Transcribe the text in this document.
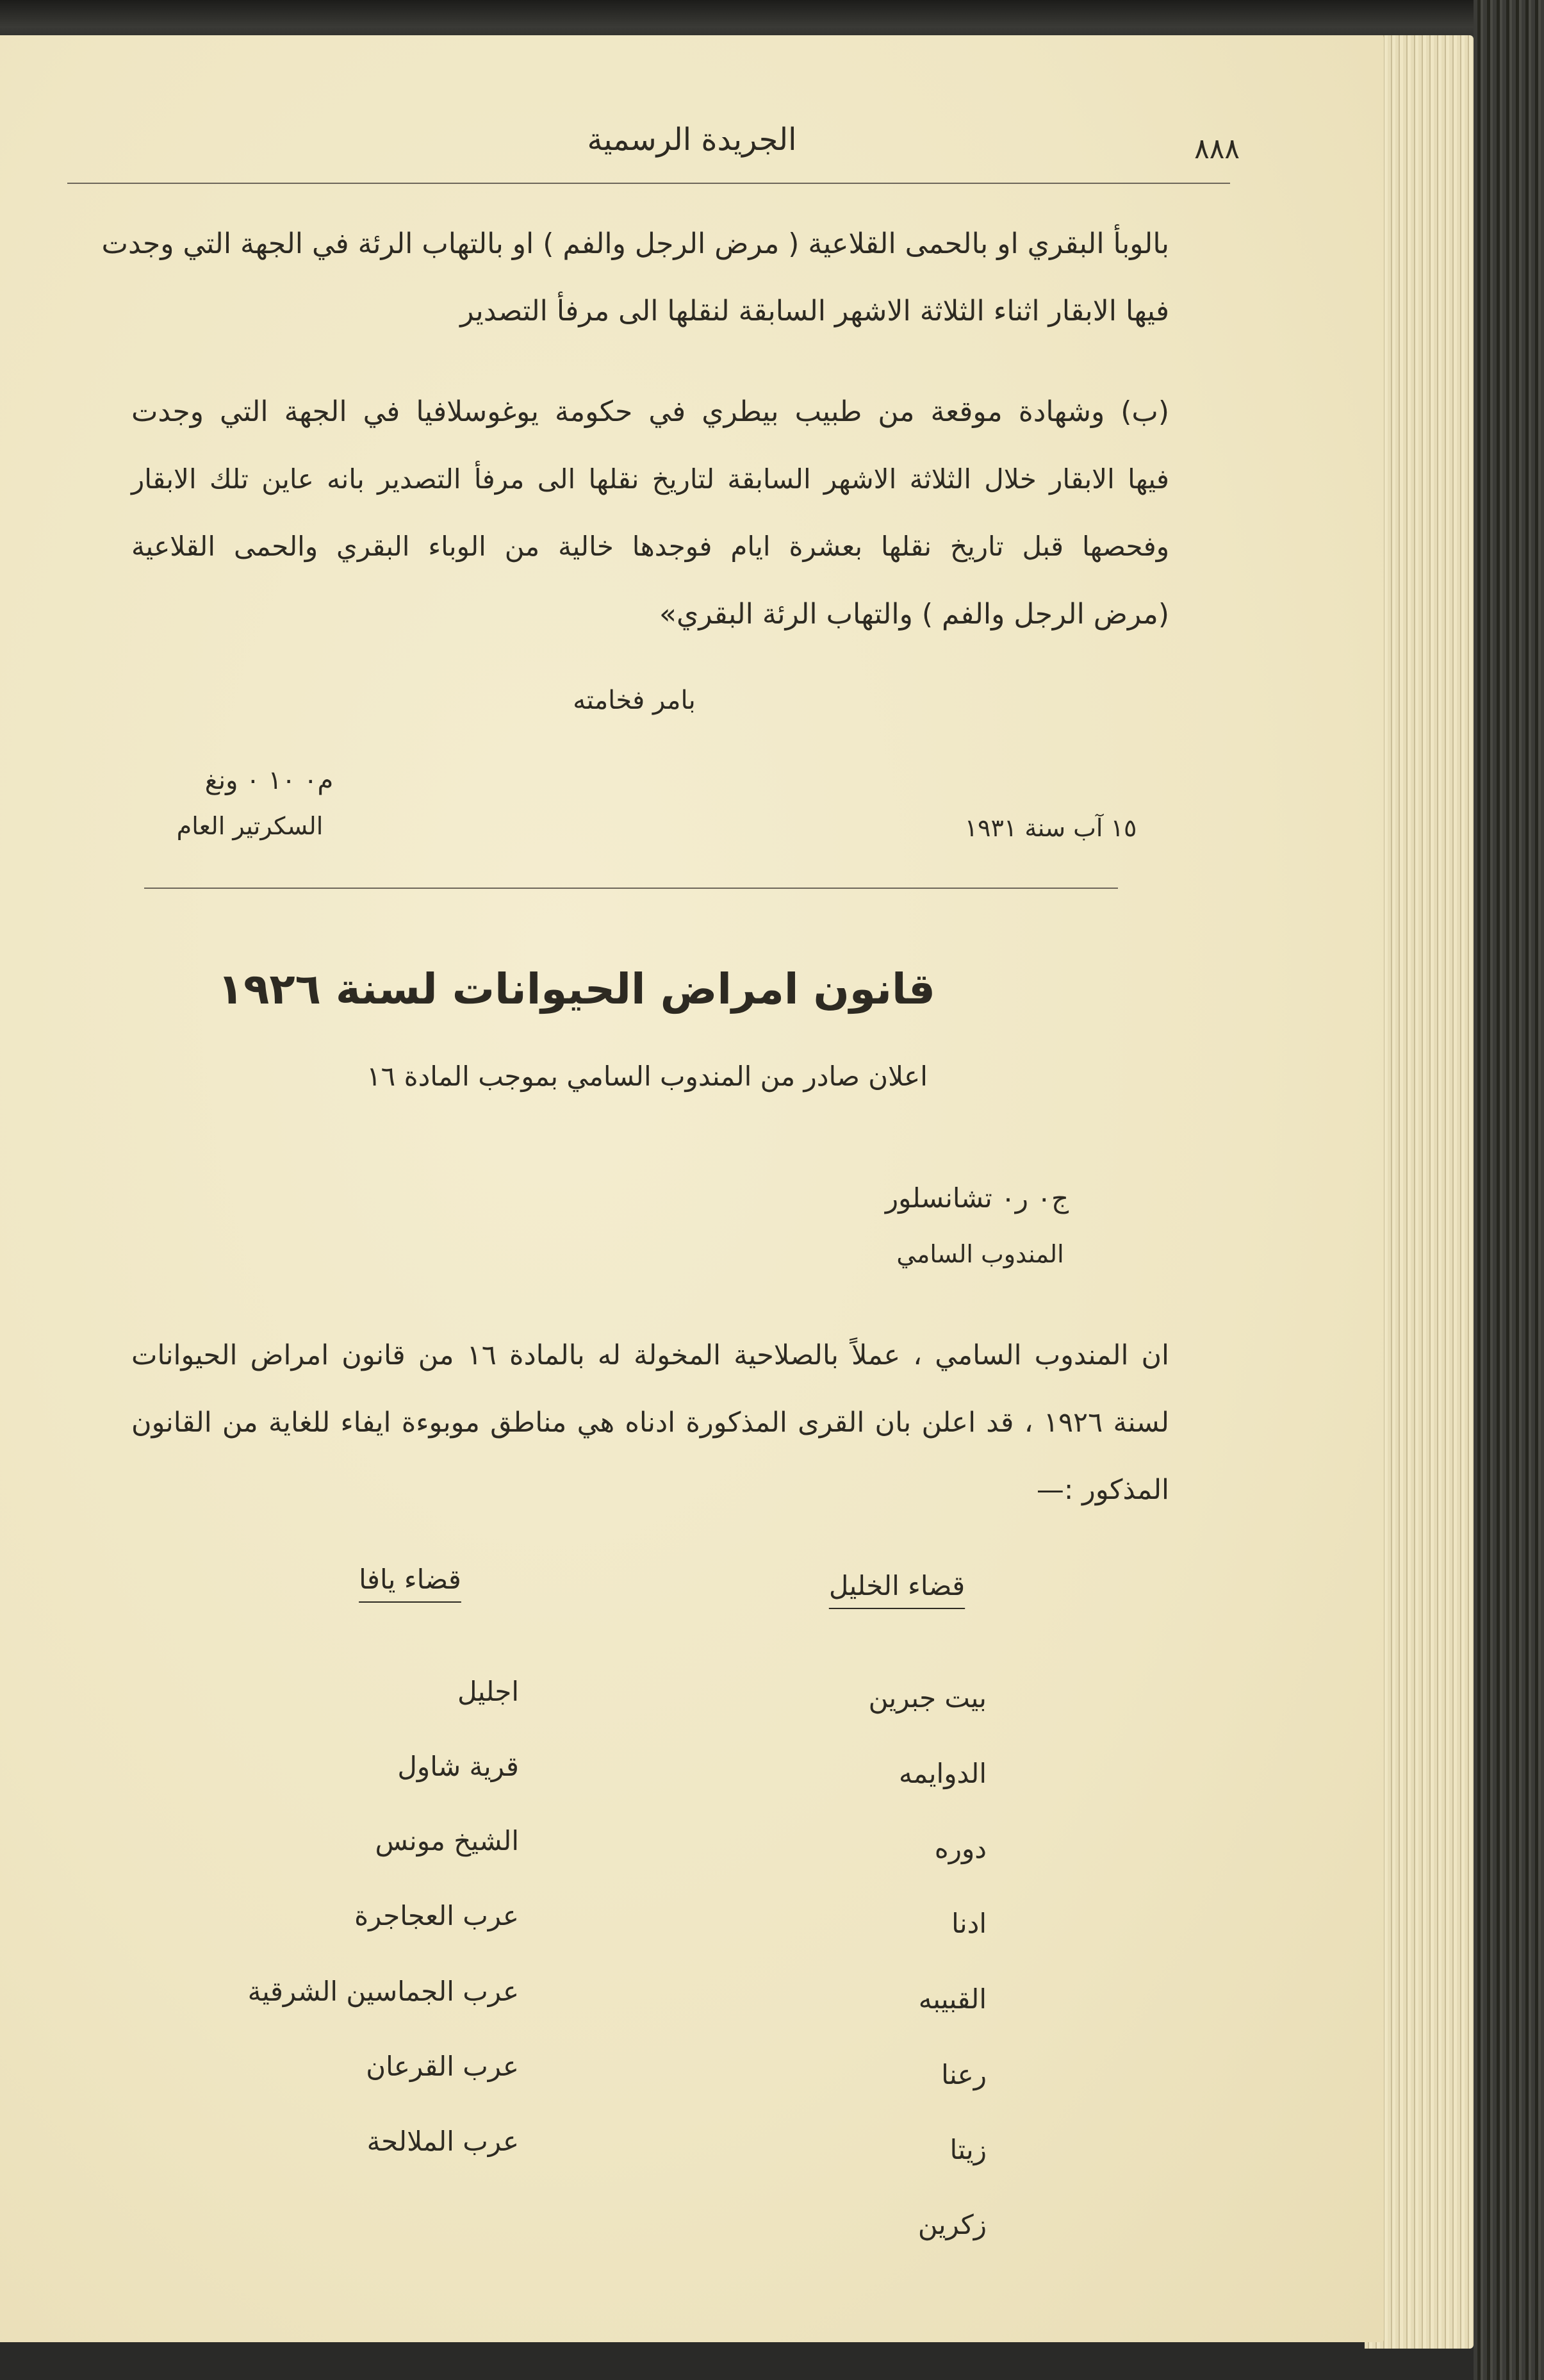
الجريدة الرسمية	٨٨٨
بالوبأ البقري او بالحمى القلاعية ( مرض الرجل والفم ) او بالتهاب الرئة في الجهة التي وجدت
فيها الابقار اثناء الثلاثة الاشهر السابقة لنقلها الى مرفأ التصدير
(ب) وشهادة موقعة من طبيب بيطري في حكومة يوغوسلافيا في الجهة التي وجدت
فيها الابقار خلال الثلاثة الاشهر السابقة لتاريخ نقلها الى مرفأ التصدير بانه عاين تلك الابقار
وفحصها قبل تاريخ نقلها بعشرة ايام فوجدها خالية من الوباء البقري والحمى القلاعية
(مرض الرجل والفم ) والتهاب الرئة البقري»
بامر فخامته
م٠ ١٠ ٠ ونغ
السكرتير العام	١٥ آب سنة ١٩٣١
قانون امراض الحيوانات لسنة ١٩٢٦
اعلان صادر من المندوب السامي بموجب المادة ١٦
ج٠ ر٠ تشانسلور
المندوب السامي
ان المندوب السامي ، عملاً بالصلاحية المخولة له بالمادة ١٦ من قانون امراض الحيوانات
لسنة ١٩٢٦ ، قد اعلن بان القرى المذكورة ادناه هي مناطق موبوءة ايفاء للغاية من القانون
المذكور :—
قضاء الخليل
قضاء يافا
بيت جبرين
الدوايمه
دوره
ادنا
القبيبه
رعنا
زيتا
زكرين
اجليل
قرية شاول
الشيخ مونس
عرب العجاجرة
عرب الجماسين الشرقية
عرب القرعان
عرب الملالحة
